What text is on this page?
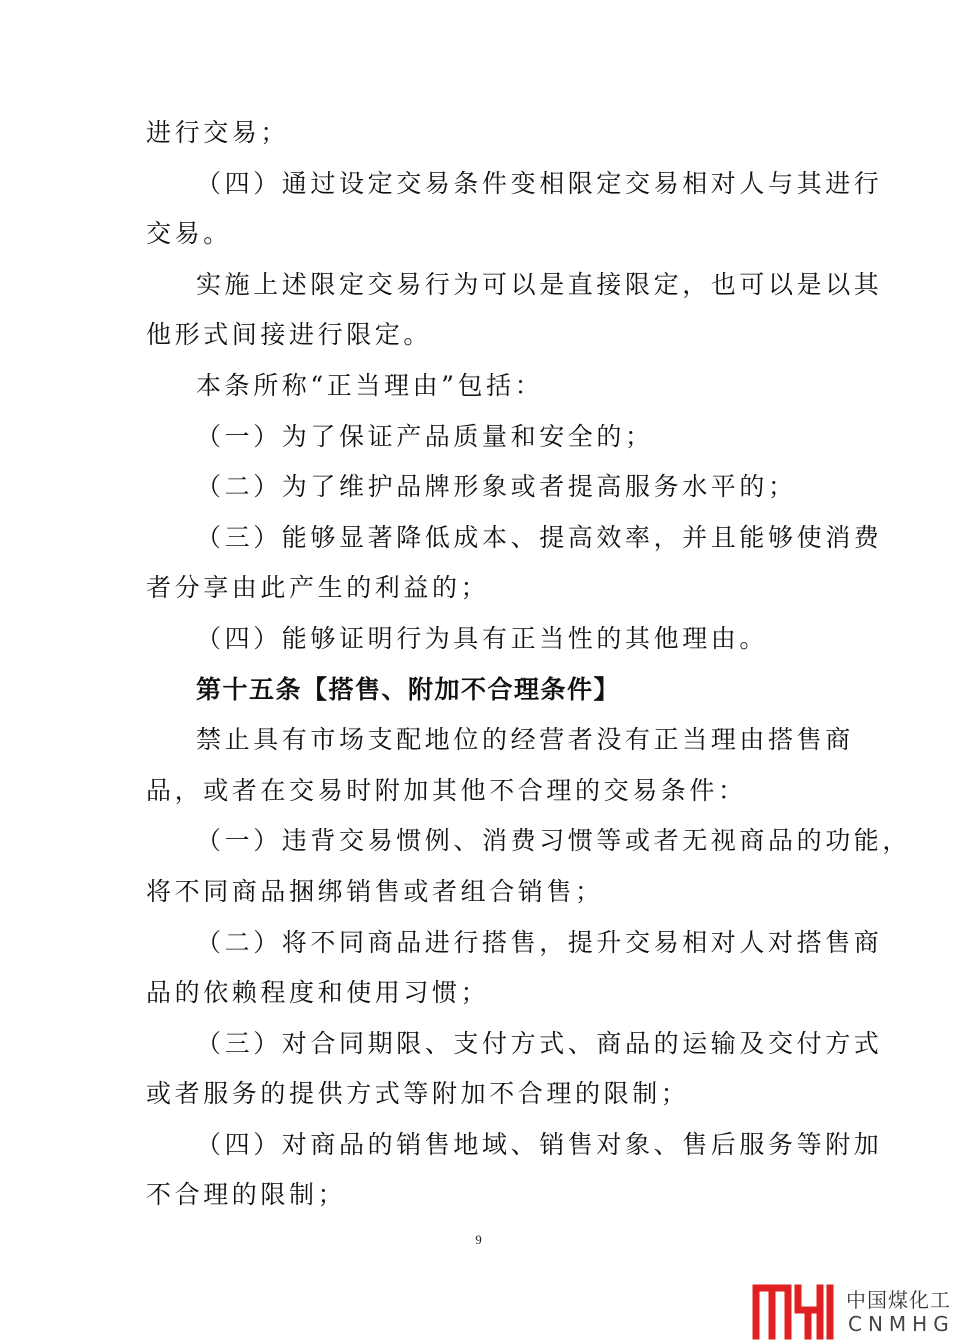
进行交易；
（四）通过设定交易条件变相限定交易相对人与其进行
交易。
实施上述限定交易行为可以是直接限定，也可以是以其
他形式间接进行限定。
本条所称“正当理由”包括：
（一）为了保证产品质量和安全的；
（二）为了维护品牌形象或者提高服务水平的；
（三）能够显著降低成本、提高效率，并且能够使消费
者分享由此产生的利益的；
（四）能够证明行为具有正当性的其他理由。
第十五条【搭售、附加不合理条件】
禁止具有市场支配地位的经营者没有正当理由搭售商
品，或者在交易时附加其他不合理的交易条件：
（一）违背交易惯例、消费习惯等或者无视商品的功能，
将不同商品捆绑销售或者组合销售；
（二）将不同商品进行搭售，提升交易相对人对搭售商
品的依赖程度和使用习惯；
（三）对合同期限、支付方式、商品的运输及交付方式
或者服务的提供方式等附加不合理的限制；
（四）对商品的销售地域、销售对象、售后服务等附加
不合理的限制；
9
中国煤化工
CNMHG
